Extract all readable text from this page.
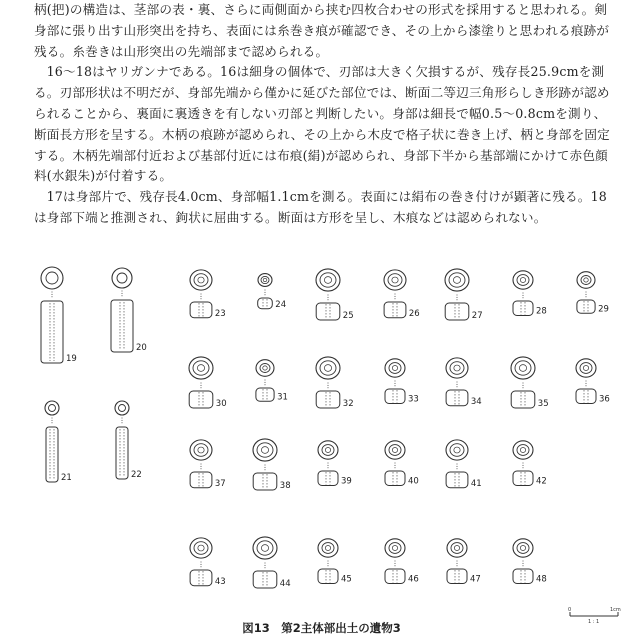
柄(把)の構造は、茎部の表・裏、さらに両側面から挟む四枚合わせの形式を採用すると思われる。剣身部に張り出す山形突出を持ち、表面には糸巻き痕が確認でき、その上から漆塗りと思われる痕跡が残る。糸巻きは山形突出の先端部まで認められる。

16～18はヤリガンナである。16は細身の個体で、刃部は大きく欠損するが、残存長25.9cmを測る。刃部形状は不明だが、身部先端から僅かに延びた部位では、断面二等辺三角形らしき形跡が認められることから、裏面に裏透きを有しない刃部と判断したい。身部は細長で幅0.5～0.8cmを測り、断面長方形を呈する。木柄の痕跡が認められ、その上から木皮で格子状に巻き上げ、柄と身部を固定する。木柄先端部付近および基部付近には布痕(絹)が認められ、身部下半から基部端にかけて赤色顔料(水銀朱)が付着する。

17は身部片で、残存長4.0cm、身部幅1.1cmを測る。表面には絹布の巻き付けが顕著に残る。18は身部下端と推測され、鉤状に屈曲する。断面は方形を呈し、木痕などは認められない。

19
20
21	22
23
24
25	26	27	28	29
30
31
32	33	34	35	36
37	38	39	40	41	42
43	44	45	46	47	48
0	1cm
1 : 1
図13　第2主体部出土の遺物3
